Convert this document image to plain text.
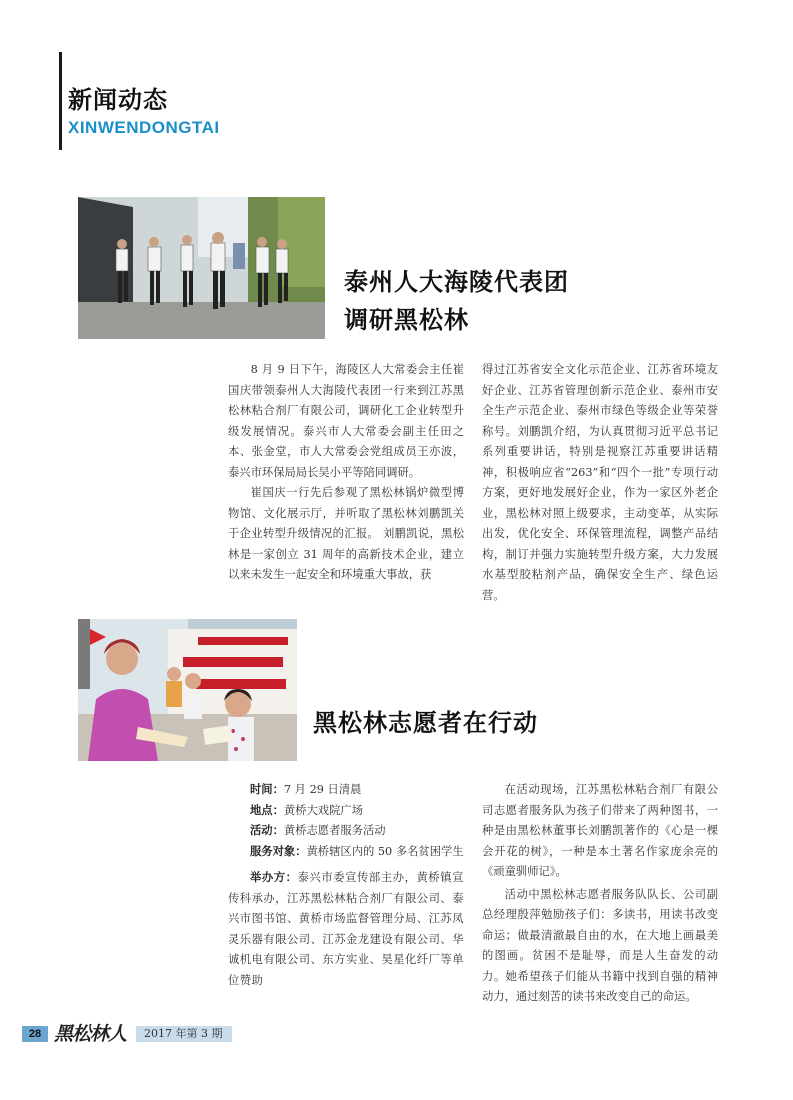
新闻动态
XINWENDONGTAI
泰州人大海陵代表团
调研黑松林

8 月 9 日下午，海陵区人大常委会主任崔国庆带领泰州人大海陵代表团一行来到江苏黑松林粘合剂厂有限公司，调研化工企业转型升级发展情况。泰兴市人大常委会副主任田之本、张金堂，市人大常委会党组成员王亦波，泰兴市环保局局长吴小平等陪同调研。

崔国庆一行先后参观了黑松林锅炉微型博物馆、文化展示厅，并听取了黑松林刘鹏凯关于企业转型升级情况的汇报。 刘鹏凯说，黑松林是一家创立 31 周年的高新技术企业，建立以来未发生一起安全和环境重大事故，获

得过江苏省安全文化示范企业、江苏省环境友好企业、江苏省管理创新示范企业、泰州市安全生产示范企业、泰州市绿色等级企业等荣誉称号。刘鹏凯介绍，为认真贯彻习近平总书记系列重要讲话，特别是视察江苏重要讲话精神，积极响应省“263”和“四个一批”专项行动方案，更好地发展好企业，作为一家区外老企业，黑松林对照上级要求，主动变革，从实际出发，优化安全、环保管理流程，调整产品结构，制订并强力实施转型升级方案，大力发展水基型胶粘剂产品，确保安全生产、绿色运营。

黑松林志愿者在行动

时间：7 月 29 日清晨

地点：黄桥大戏院广场

活动：黄桥志愿者服务活动

服务对象：黄桥辖区内的 50 多名贫困学生

举办方：泰兴市委宣传部主办，黄桥镇宣传科承办，江苏黑松林粘合剂厂有限公司、泰兴市图书馆、黄桥市场监督管理分局、江苏凤灵乐器有限公司、江苏金龙建设有限公司、华诚机电有限公司、东方实业、昊星化纤厂等单位赞助

在活动现场，江苏黑松林粘合剂厂有限公司志愿者服务队为孩子们带来了两种图书，一种是由黑松林董事长刘鹏凯著作的《心是一棵会开花的树》，一种是本土著名作家庞余亮的《顽童驯师记》。

活动中黑松林志愿者服务队队长、公司副总经理殷萍勉励孩子们：多读书，用读书改变命运；做最清澈最自由的水，在大地上画最美的图画。贫困不是耻辱，而是人生奋发的动力。她希望孩子们能从书籍中找到自强的精神动力，通过刻苦的读书来改变自己的命运。

28 黑松林人	2017 年第 3 期
